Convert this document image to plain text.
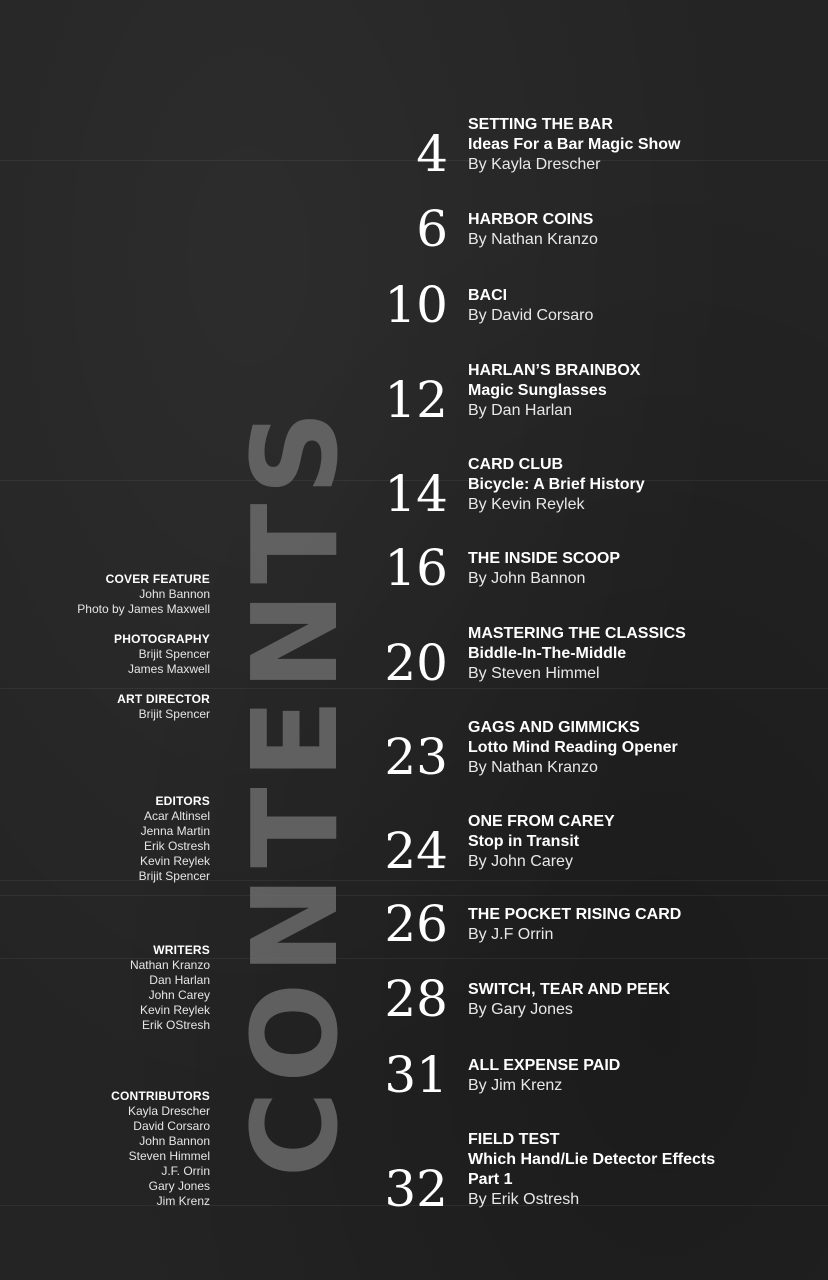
CONTENTS
COVER FEATURE
John Bannon
Photo by James Maxwell
PHOTOGRAPHY
Brijit Spencer
James Maxwell
ART DIRECTOR
Brijit Spencer
EDITORS
Acar Altinsel
Jenna Martin
Erik Ostresh
Kevin Reylek
Brijit Spencer
WRITERS
Nathan Kranzo
Dan Harlan
John Carey
Kevin Reylek
Erik OStresh
CONTRIBUTORS
Kayla Drescher
David Corsaro
John Bannon
Steven Himmel
J.F. Orrin
Gary Jones
Jim Krenz
4
SETTING THE BAR
Ideas For a Bar Magic Show
By Kayla Drescher
6 HARBOR COINS
By Nathan Kranzo
10 BACI
By David Corsaro
12
HARLAN’S BRAINBOX
Magic Sunglasses
By Dan Harlan
14
CARD CLUB
Bicycle: A Brief History
By Kevin Reylek
16 THE INSIDE SCOOP
By John Bannon
20
MASTERING THE CLASSICS
Biddle-In-The-Middle
By Steven Himmel
23
GAGS AND GIMMICKS
Lotto Mind Reading Opener
By Nathan Kranzo
24
ONE FROM CAREY
Stop in Transit
By John Carey
26 THE POCKET RISING CARD
By J.F Orrin
28 SWITCH, TEAR AND PEEK
By Gary Jones
31 ALL EXPENSE PAID
By Jim Krenz
32
FIELD TEST
Which Hand/Lie Detector Effects
Part 1
By Erik Ostresh
